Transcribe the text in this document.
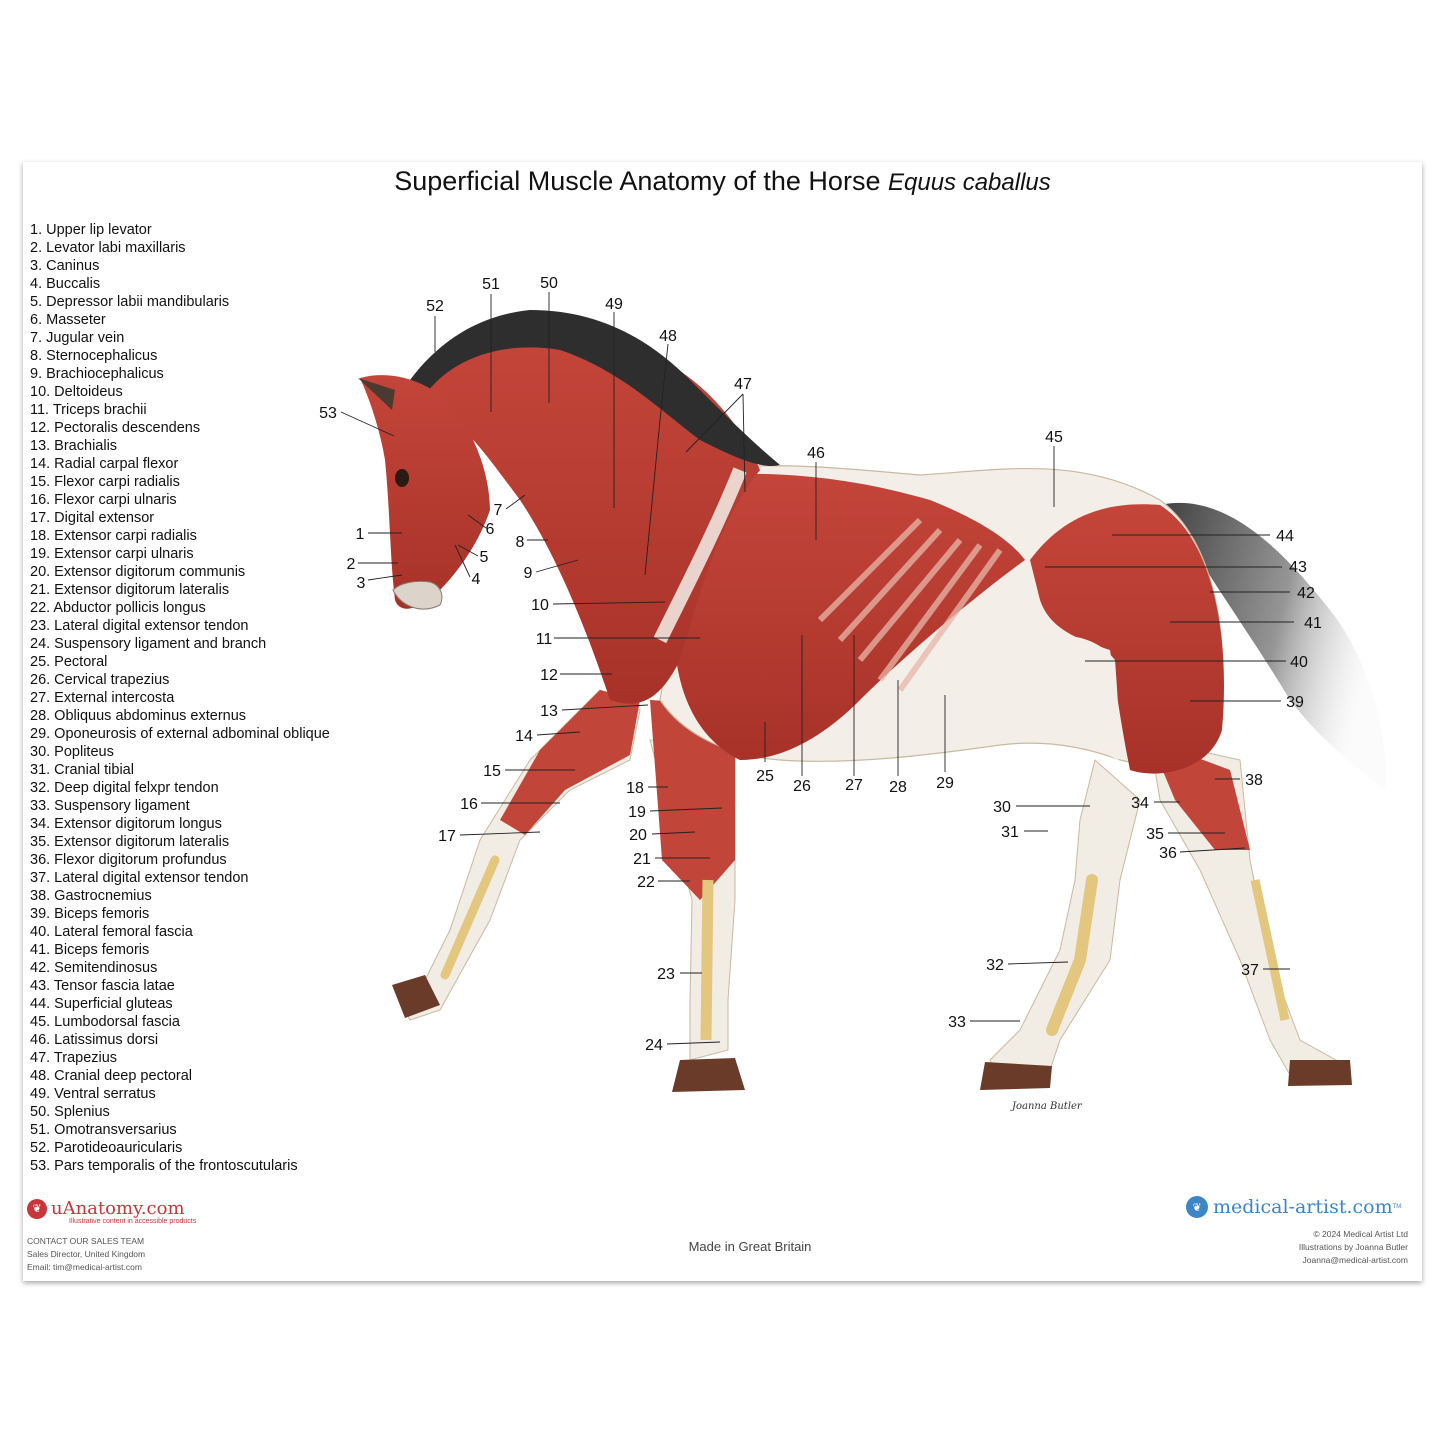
Superficial Muscle Anatomy of the Horse Equus caballus
1. Upper lip levator
2. Levator labi maxillaris
3. Caninus
4. Buccalis
5. Depressor labii mandibularis
6. Masseter
7. Jugular vein
8. Sternocephalicus
9. Brachiocephalicus
10. Deltoideus
11. Triceps brachii
12. Pectoralis descendens
13. Brachialis
14. Radial carpal flexor
15. Flexor carpi radialis
16. Flexor carpi ulnaris
17. Digital extensor
18. Extensor carpi radialis
19. Extensor carpi ulnaris
20. Extensor digitorum communis
21. Extensor digitorum lateralis
22. Abductor pollicis longus
23. Lateral digital extensor tendon
24. Suspensory ligament and branch
25. Pectoral
26. Cervical trapezius
27. External intercosta
28. Obliquus abdominus externus
29. Oponeurosis of external adbominal oblique
30. Popliteus
31. Cranial tibial
32. Deep digital felxpr tendon
33. Suspensory ligament
34. Extensor digitorum longus
35. Extensor digitorum lateralis
36. Flexor digitorum profundus
37. Lateral digital extensor tendon
38. Gastrocnemius
39. Biceps femoris
40. Lateral femoral fascia
41. Biceps femoris
42. Semitendinosus
43. Tensor fascia latae
44. Superficial gluteas
45. Lumbodorsal fascia
46. Latissimus dorsi
47. Trapezius
48. Cranial deep pectoral
49. Ventral serratus
50. Splenius
51. Omotransversarius
52. Parotideoauricularis
53. Pars temporalis of the frontoscutularis
1
2
3	4
5
6
7
8
9
10
11
12
13
14
15
16
17
18
19
20
21
22
23
24
25
26 27 28 29
30
31
32
33
34
35
36
37
38
39
40
41
42
43
44
45
46
47
48
49
50
51
52
53
Joanna Butler
❦ uAnatomy.com
Illustrative content in accessible products
CONTACT OUR SALES TEAM
Sales Director, United Kingdom
Email: tim@medical-artist.com
Made in Great Britain
❦ medical-artist.com TM
© 2024 Medical Artist Ltd
Illustrations by Joanna Butler
Joanna@medical-artist.com
